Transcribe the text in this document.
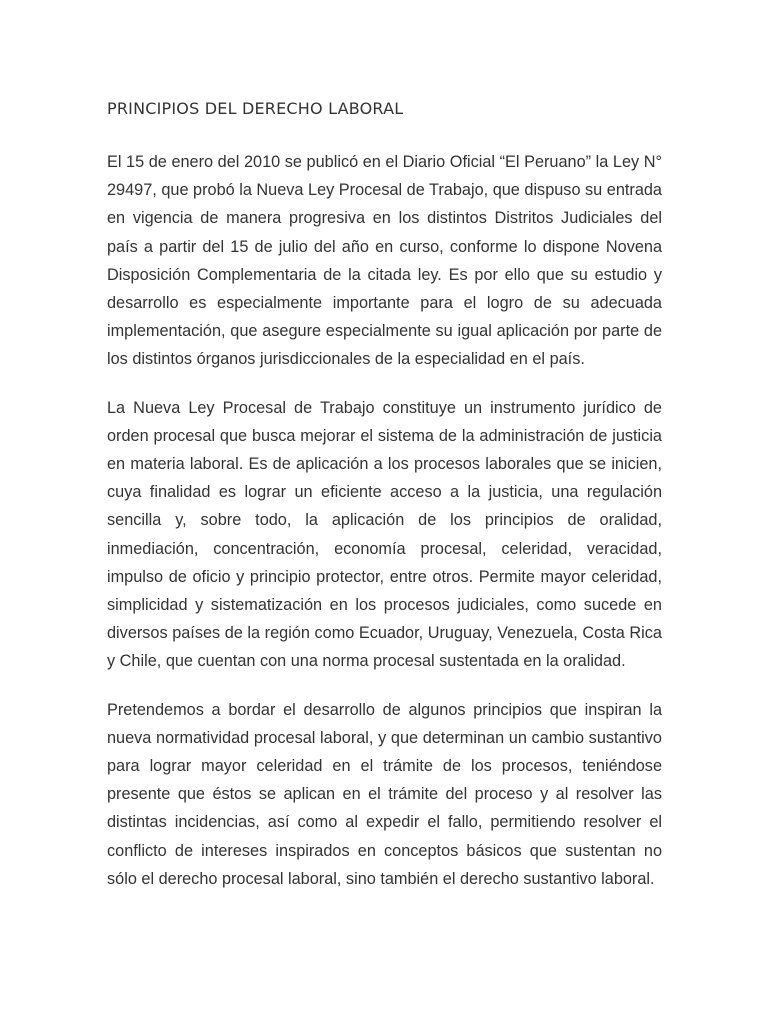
PRINCIPIOS DEL DERECHO LABORAL

El 15 de enero del 2010 se publicó en el Diario Oficial “El Peruano” la Ley N° 29497, que probó la Nueva Ley Procesal de Trabajo, que dispuso su entrada en vigencia de manera progresiva en los distintos Distritos Judiciales del país a partir del 15 de julio del año en curso, conforme lo dispone Novena Disposición Complementaria de la citada ley. Es por ello que su estudio y desarrollo es especialmente importante para el logro de su adecuada implementación, que asegure especialmente su igual aplicación por parte de los distintos órganos jurisdiccionales de la especialidad en el país.

La Nueva Ley Procesal de Trabajo constituye un instrumento jurídico de orden procesal que busca mejorar el sistema de la administración de justicia en materia laboral. Es de aplicación a los procesos laborales que se inicien, cuya finalidad es lograr un eficiente acceso a la justicia, una regulación sencilla y, sobre todo, la aplicación de los principios de oralidad, inmediación, concentración, economía procesal, celeridad, veracidad, impulso de oficio y principio protector, entre otros. Permite mayor celeridad, simplicidad y sistematización en los procesos judiciales, como sucede en diversos países de la región como Ecuador, Uruguay, Venezuela, Costa Rica y Chile, que cuentan con una norma procesal sustentada en la oralidad.

Pretendemos a bordar el desarrollo de algunos principios que inspiran la nueva normatividad procesal laboral, y que determinan un cambio sustantivo para lograr mayor celeridad en el trámite de los procesos, teniéndose presente que éstos se aplican en el trámite del proceso y al resolver las distintas incidencias, así como al expedir el fallo, permitiendo resolver el conflicto de intereses inspirados en conceptos básicos que sustentan no sólo el derecho procesal laboral, sino también el derecho sustantivo laboral.
